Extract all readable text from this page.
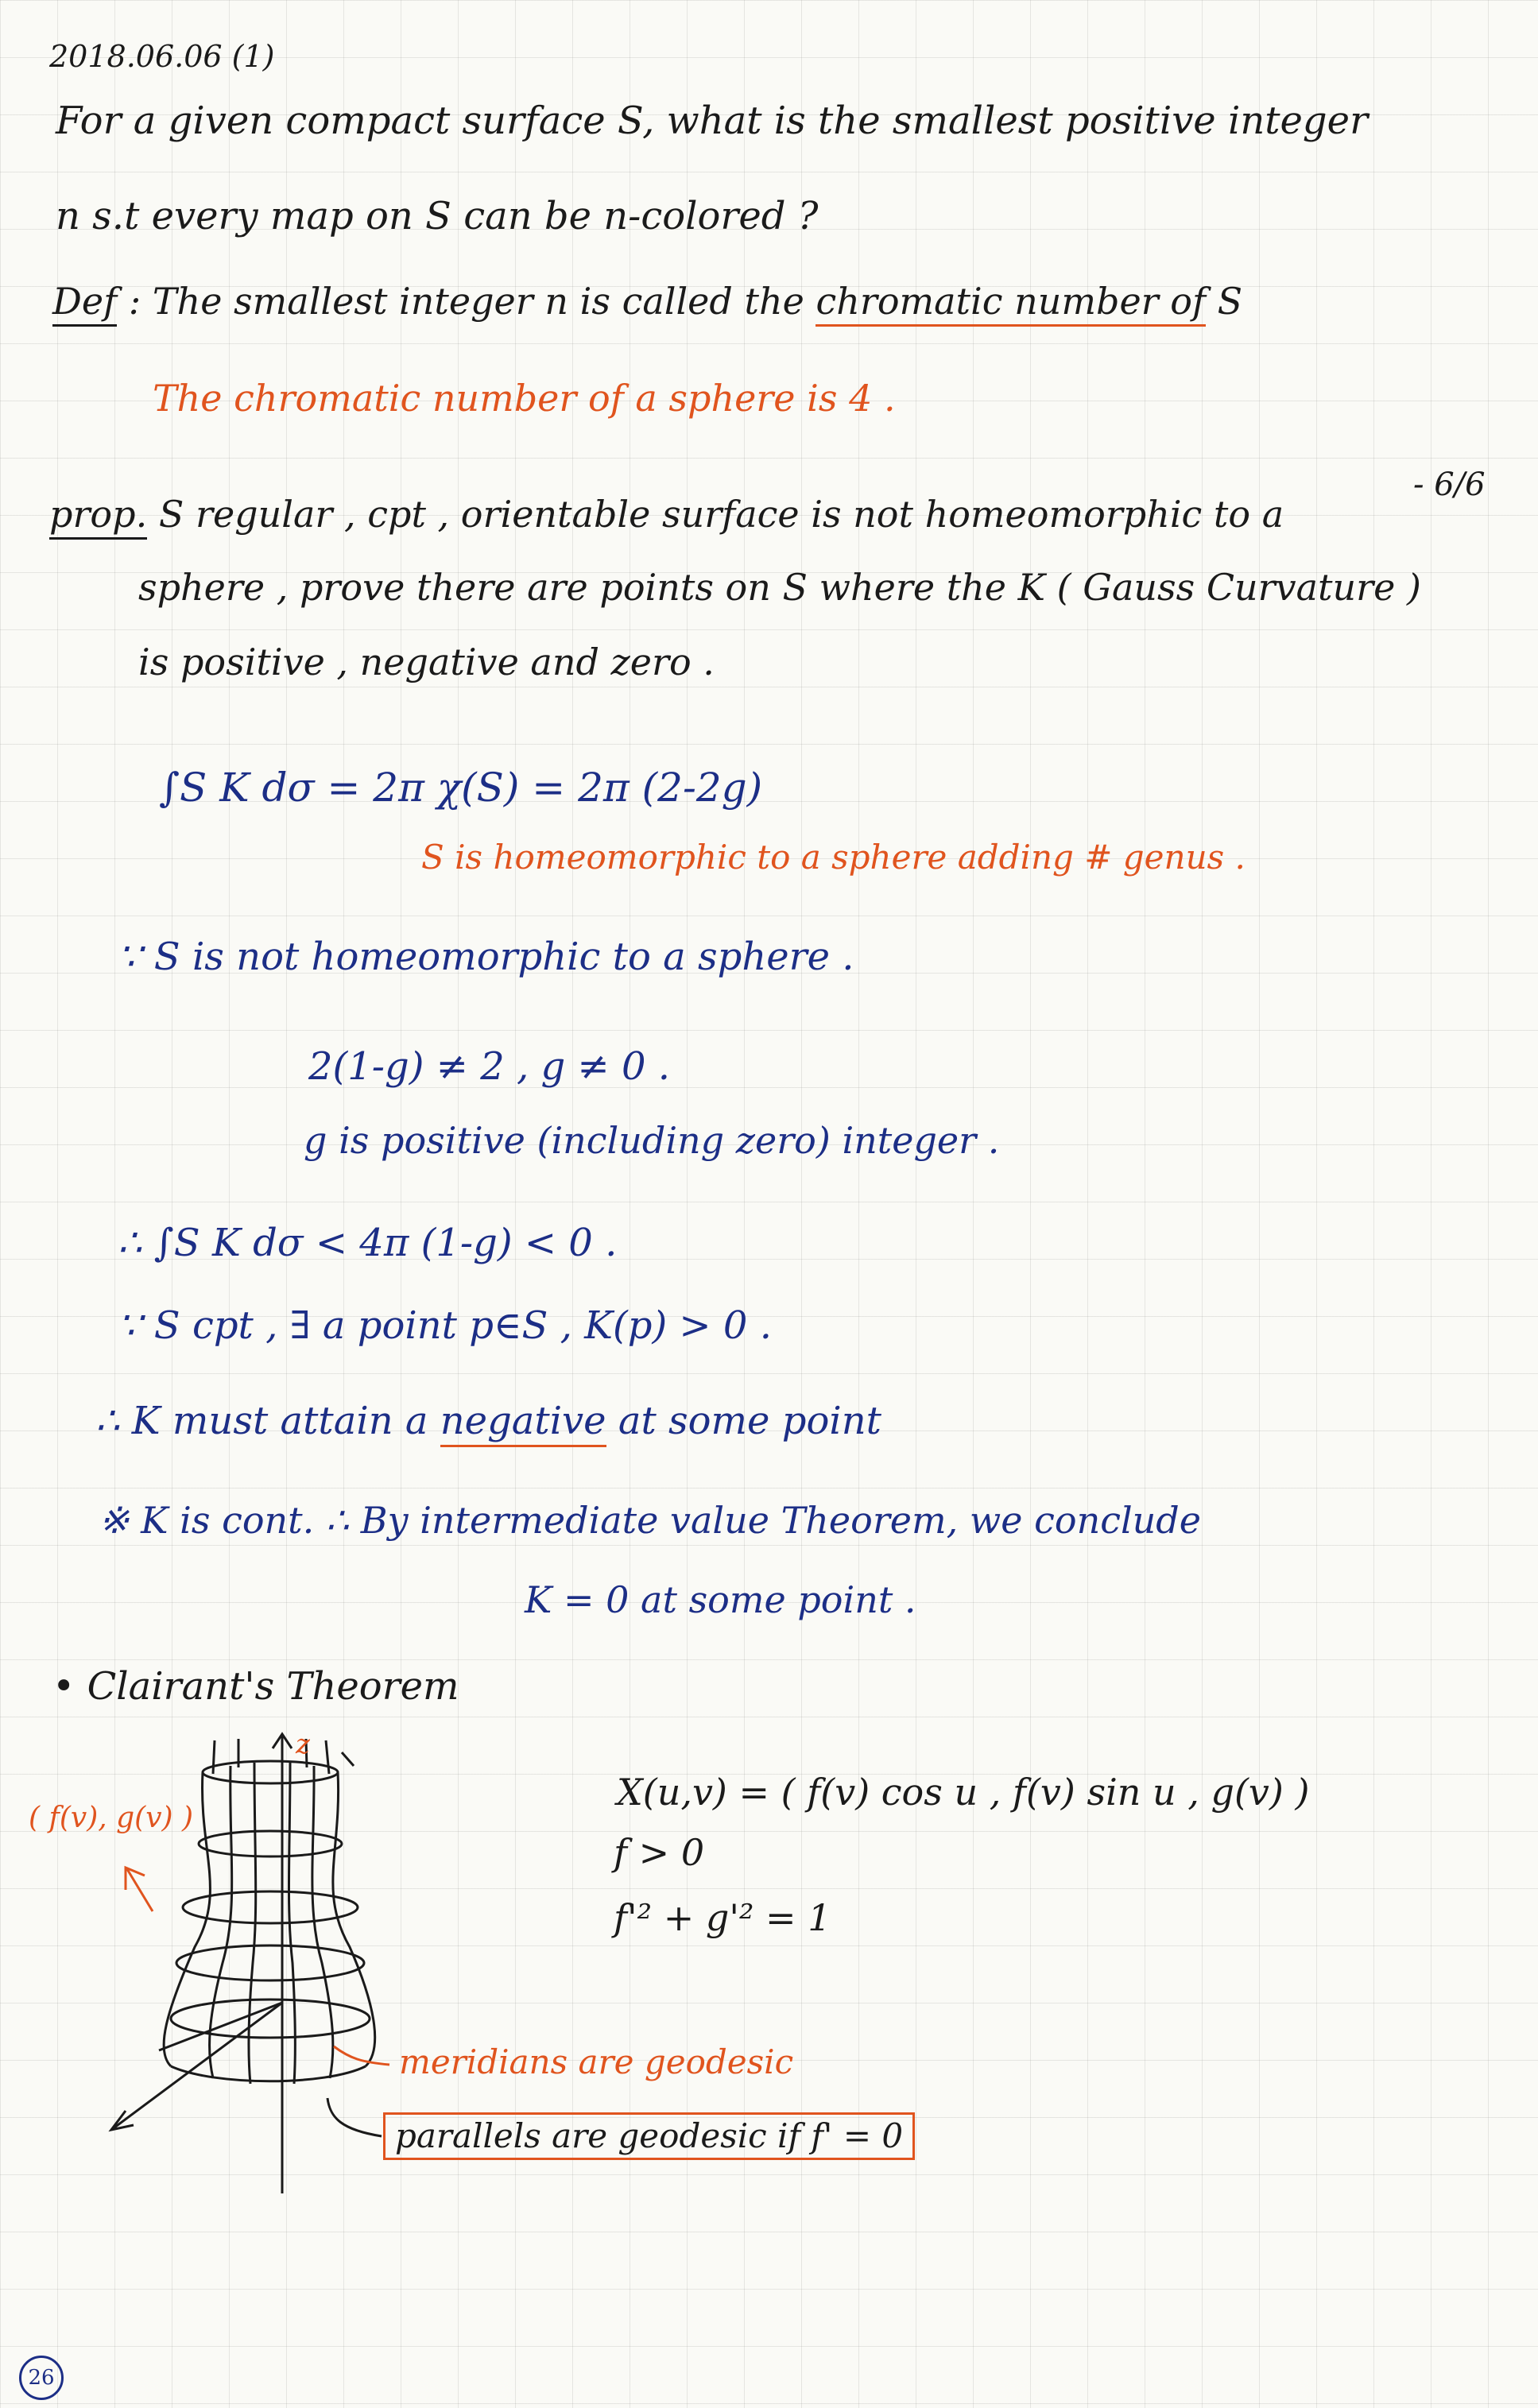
2018.06.06 (1)
For a given compact surface S, what is the smallest positive integer
n s.t every map on S can be n-colored ?
Def : The smallest integer n is called the chromatic number of S
The chromatic number of a sphere is 4 .
- 6/6
prop. S regular , cpt , orientable surface is not homeomorphic to a
sphere , prove there are points on S where the K ( Gauss Curvature )
is positive , negative and zero .
∫S K dσ = 2π χ(S) = 2π (2-2g)
S is homeomorphic to a sphere adding # genus .
∵ S is not homeomorphic to a sphere .
2(1-g) ≠ 2 , g ≠ 0 .
g is positive (including zero) integer .
∴ ∫S K dσ < 4π (1-g) < 0 .
∵ S cpt , ∃ a point p∈S , K(p) > 0 .
∴ K must attain a negative at some point
※ K is cont. ∴ By intermediate value Theorem, we conclude
K = 0 at some point .
• Clairant's Theorem
z
( f(v), g(v) )
X(u,v) = ( f(v) cos u , f(v) sin u , g(v) )
f > 0
f'² + g'² = 1
meridians are geodesic
parallels are geodesic if f' = 0
26
